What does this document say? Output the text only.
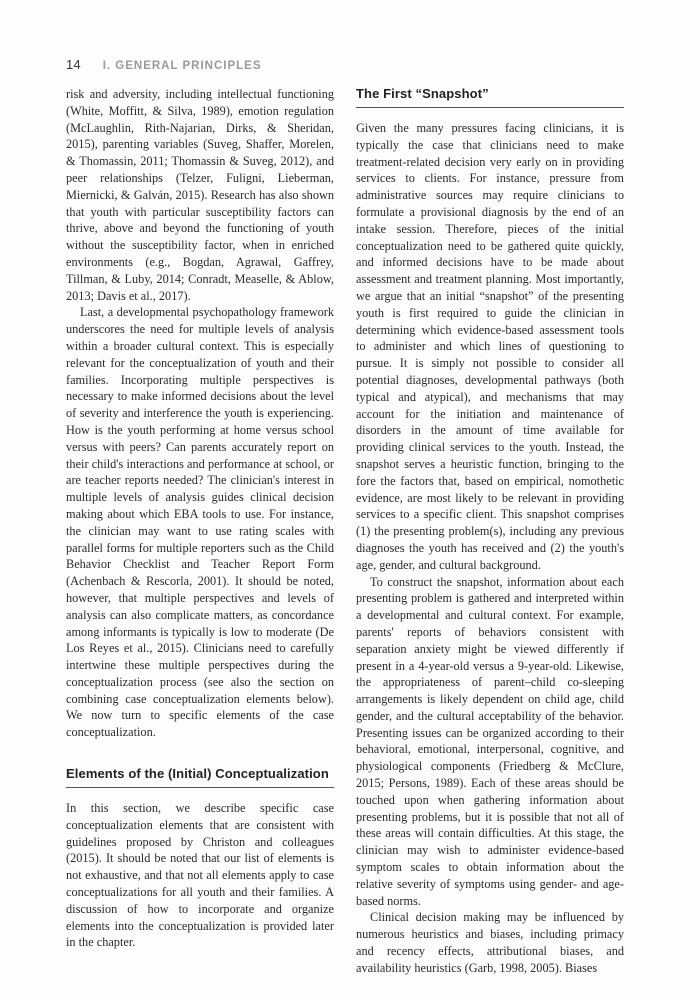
14 I. GENERAL PRINCIPLES

risk and adversity, including intellectual functioning (White, Moffitt, & Silva, 1989), emotion regulation (McLaughlin, Rith-Najarian, Dirks, & Sheridan, 2015), parenting variables (Suveg, Shaffer, Morelen, & Thomassin, 2011; Thomassin & Suveg, 2012), and peer relationships (Telzer, Fuligni, Lieberman, Miernicki, & Galván, 2015). Research has also shown that youth with particular susceptibility factors can thrive, above and beyond the functioning of youth without the susceptibility factor, when in enriched environments (e.g., Bogdan, Agrawal, Gaffrey, Tillman, & Luby, 2014; Conradt, Measelle, & Ablow, 2013; Davis et al., 2017).

Last, a developmental psychopathology framework underscores the need for multiple levels of analysis within a broader cultural context. This is especially relevant for the conceptualization of youth and their families. Incorporating multiple perspectives is necessary to make informed decisions about the level of severity and interference the youth is experiencing. How is the youth performing at home versus school versus with peers? Can parents accurately report on their child's interactions and performance at school, or are teacher reports needed? The clinician's interest in multiple levels of analysis guides clinical decision making about which EBA tools to use. For instance, the clinician may want to use rating scales with parallel forms for multiple reporters such as the Child Behavior Checklist and Teacher Report Form (Achenbach & Rescorla, 2001). It should be noted, however, that multiple perspectives and levels of analysis can also complicate matters, as concordance among informants is typically is low to moderate (De Los Reyes et al., 2015). Clinicians need to carefully intertwine these multiple perspectives during the conceptualization process (see also the section on combining case conceptualization elements below). We now turn to specific elements of the case conceptualization.

Elements of the (Initial) Conceptualization

In this section, we describe specific case conceptualization elements that are consistent with guidelines proposed by Christon and colleagues (2015). It should be noted that our list of elements is not exhaustive, and that not all elements apply to case conceptualizations for all youth and their families. A discussion of how to incorporate and organize elements into the conceptualization is provided later in the chapter.

The First “Snapshot”

Given the many pressures facing clinicians, it is typically the case that clinicians need to make treatment-related decision very early on in providing services to clients. For instance, pressure from administrative sources may require clinicians to formulate a provisional diagnosis by the end of an intake session. Therefore, pieces of the initial conceptualization need to be gathered quite quickly, and informed decisions have to be made about assessment and treatment planning. Most importantly, we argue that an initial “snapshot” of the presenting youth is first required to guide the clinician in determining which evidence-based assessment tools to administer and which lines of questioning to pursue. It is simply not possible to consider all potential diagnoses, developmental pathways (both typical and atypical), and mechanisms that may account for the initiation and maintenance of disorders in the amount of time available for providing clinical services to the youth. Instead, the snapshot serves a heuristic function, bringing to the fore the factors that, based on empirical, nomothetic evidence, are most likely to be relevant in providing services to a specific client. This snapshot comprises (1) the presenting problem(s), including any previous diagnoses the youth has received and (2) the youth's age, gender, and cultural background.

To construct the snapshot, information about each presenting problem is gathered and interpreted within a developmental and cultural context. For example, parents' reports of behaviors consistent with separation anxiety might be viewed differently if present in a 4-year-old versus a 9-year-old. Likewise, the appropriateness of parent–child co-sleeping arrangements is likely dependent on child age, child gender, and the cultural acceptability of the behavior. Presenting issues can be organized according to their behavioral, emotional, interpersonal, cognitive, and physiological components (Friedberg & McClure, 2015; Persons, 1989). Each of these areas should be touched upon when gathering information about presenting problems, but it is possible that not all of these areas will contain difficulties. At this stage, the clinician may wish to administer evidence-based symptom scales to obtain information about the relative severity of symptoms using gender- and age-based norms.

Clinical decision making may be influenced by numerous heuristics and biases, including primacy and recency effects, attributional biases, and availability heuristics (Garb, 1998, 2005). Biases
